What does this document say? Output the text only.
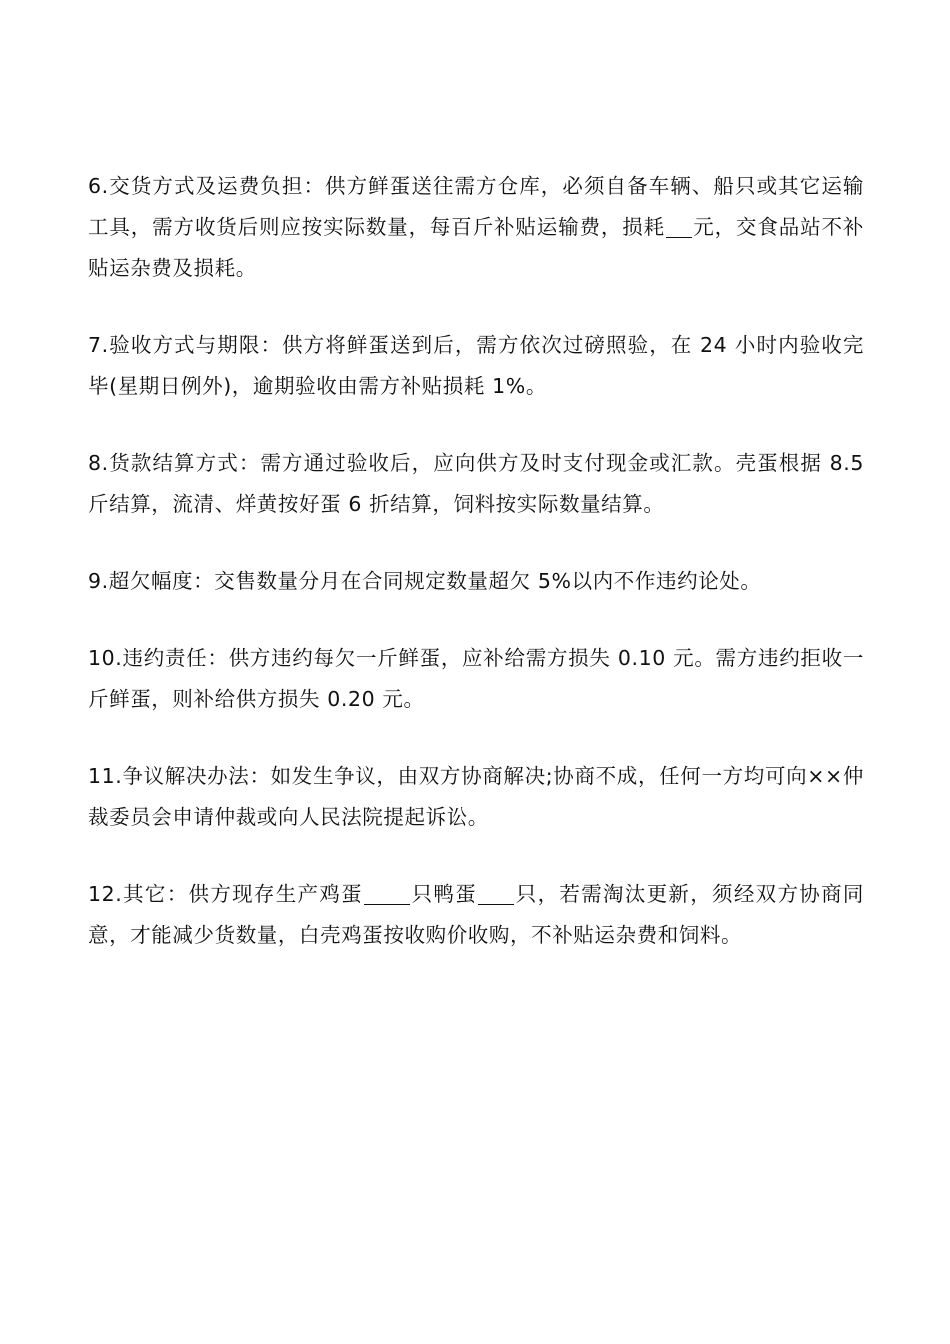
6.交货方式及运费负担：供方鲜蛋送往需方仓库，必须自备车辆、船只或其它运输工具，需方收货后则应按实际数量，每百斤补贴运输费，损耗 元，交食品站不补贴运杂费及损耗。

7.验收方式与期限：供方将鲜蛋送到后，需方依次过磅照验，在 24 小时内验收完毕(星期日例外)，逾期验收由需方补贴损耗 1%。

8.货款结算方式：需方通过验收后，应向供方及时支付现金或汇款。壳蛋根据 8.5 斤结算，流清、烊黄按好蛋 6 折结算，饲料按实际数量结算。

9.超欠幅度：交售数量分月在合同规定数量超欠 5%以内不作违约论处。

10.违约责任：供方违约每欠一斤鲜蛋，应补给需方损失 0.10 元。需方违约拒收一斤鲜蛋，则补给供方损失 0.20 元。

11.争议解决办法：如发生争议，由双方协商解决;协商不成，任何一方均可向××仲裁委员会申请仲裁或向人民法院提起诉讼。

12.其它：供方现存生产鸡蛋 只鸭蛋 只，若需淘汰更新，须经双方协商同意，才能减少货数量，白壳鸡蛋按收购价收购，不补贴运杂费和饲料。
